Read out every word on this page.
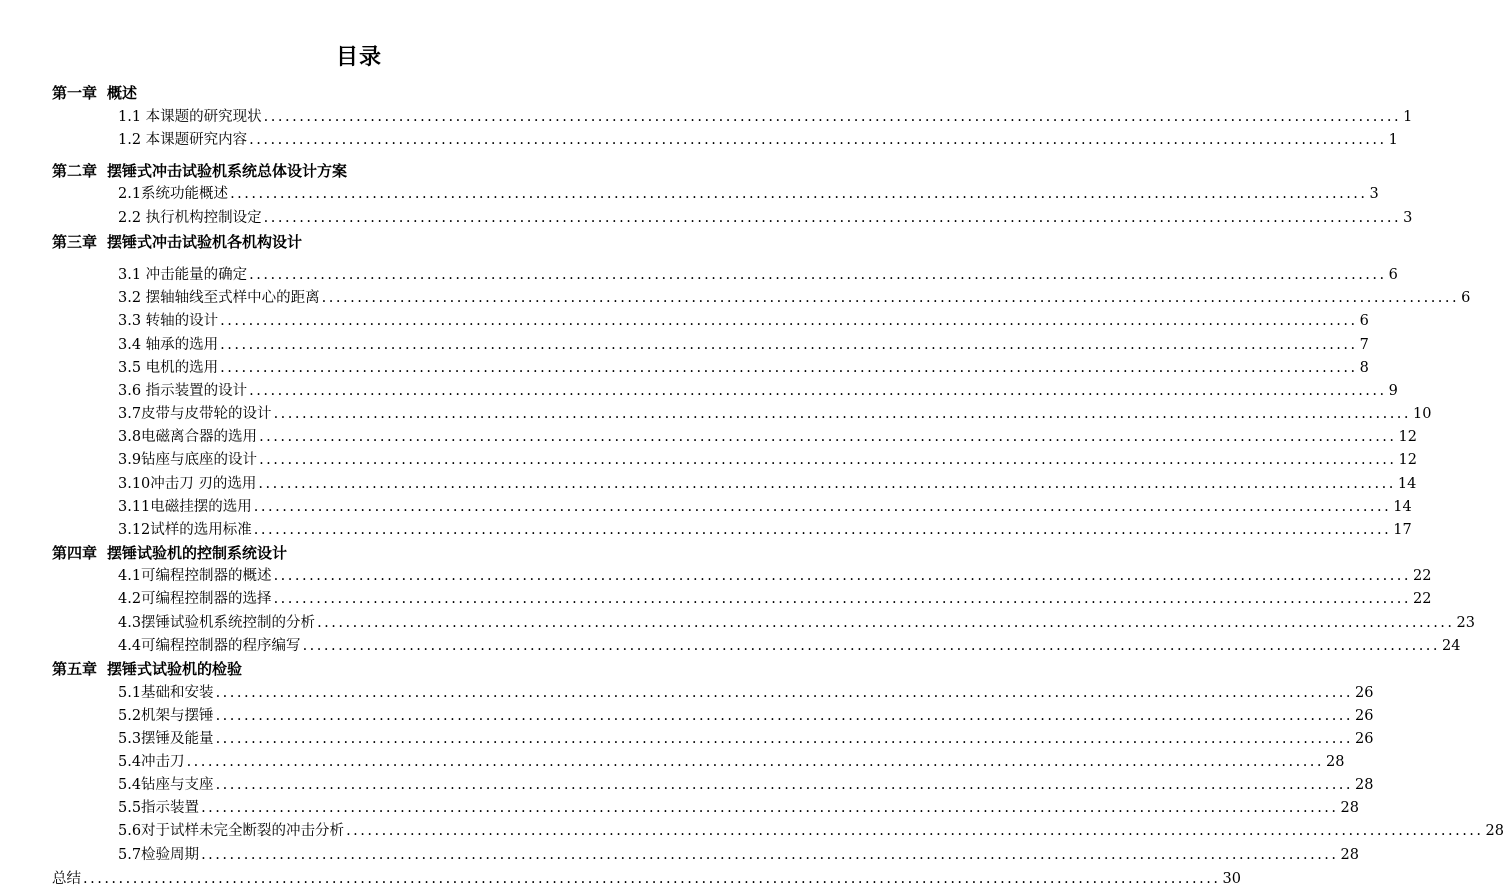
目录
第一章 概述
1.1 本课题的研究现状 ................................................................................................................................................................ 1
1.2 本课题研究内容 ................................................................................................................................................................ 1
第二章 摆锤式冲击试验机系统总体设计方案
2.1系统功能概述 ................................................................................................................................................................ 3
2.2 执行机构控制设定 ................................................................................................................................................................ 3
第三章 摆锤式冲击试验机各机构设计
3.1 冲击能量的确定 ................................................................................................................................................................ 6
3.2 摆轴轴线至式样中心的距离 ................................................................................................................................................................ 6
3.3 转轴的设计 ................................................................................................................................................................ 6
3.4 轴承的选用 ................................................................................................................................................................ 7
3.5 电机的选用 ................................................................................................................................................................ 8
3.6 指示装置的设计 ................................................................................................................................................................ 9
3.7皮带与皮带轮的设计 ................................................................................................................................................................ 10
3.8电磁离合器的选用 ................................................................................................................................................................ 12
3.9钻座与底座的设计 ................................................................................................................................................................ 12
3.10冲击刀 刃的选用 ................................................................................................................................................................ 14
3.11电磁挂摆的选用 ................................................................................................................................................................ 14
3.12试样的选用标准 ................................................................................................................................................................ 17
第四章 摆锤试验机的控制系统设计
4.1可编程控制器的概述 ................................................................................................................................................................ 22
4.2可编程控制器的选择 ................................................................................................................................................................ 22
4.3摆锤试验机系统控制的分析 ................................................................................................................................................................ 23
4.4可编程控制器的程序编写 ................................................................................................................................................................ 24
第五章 摆锤式试验机的检验
5.1基础和安装 ................................................................................................................................................................ 26
5.2机架与摆锤 ................................................................................................................................................................ 26
5.3摆锤及能量 ................................................................................................................................................................ 26
5.4冲击刀 ................................................................................................................................................................ 28
5.4钻座与支座 ................................................................................................................................................................ 28
5.5指示装置 ................................................................................................................................................................ 28
5.6对于试样未完全断裂的冲击分析 ................................................................................................................................................................ 28
5.7检验周期 ................................................................................................................................................................ 28
总结 ................................................................................................................................................................ 30
